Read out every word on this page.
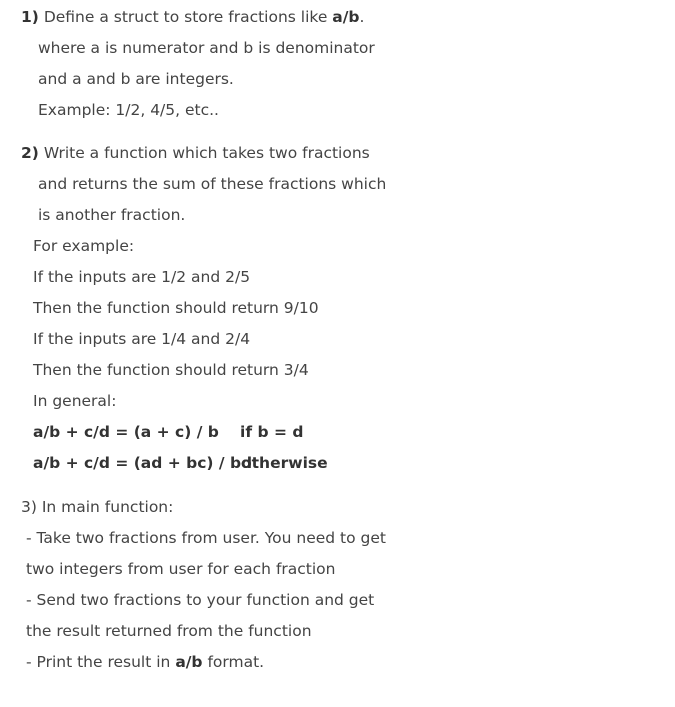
1) Define a struct to store fractions like a/b.
where a is numerator and b is denominator
and a and b are integers.
Example: 1/2, 4/5, etc..
2) Write a function which takes two fractions
and returns the sum of these fractions which
is another fraction.
For example:
If the inputs are 1/2 and 2/5
Then the function should return 9/10
If the inputs are 1/4 and 2/4
Then the function should return 3/4
In general:
a/b + c/d = (a + c) / b if b = d
a/b + c/d = (ad + bc) / bd
otherwise
3) In main function:
- Take two fractions from user. You need to get
two integers from user for each fraction
- Send two fractions to your function and get
the result returned from the function
- Print the result in a/b format.
